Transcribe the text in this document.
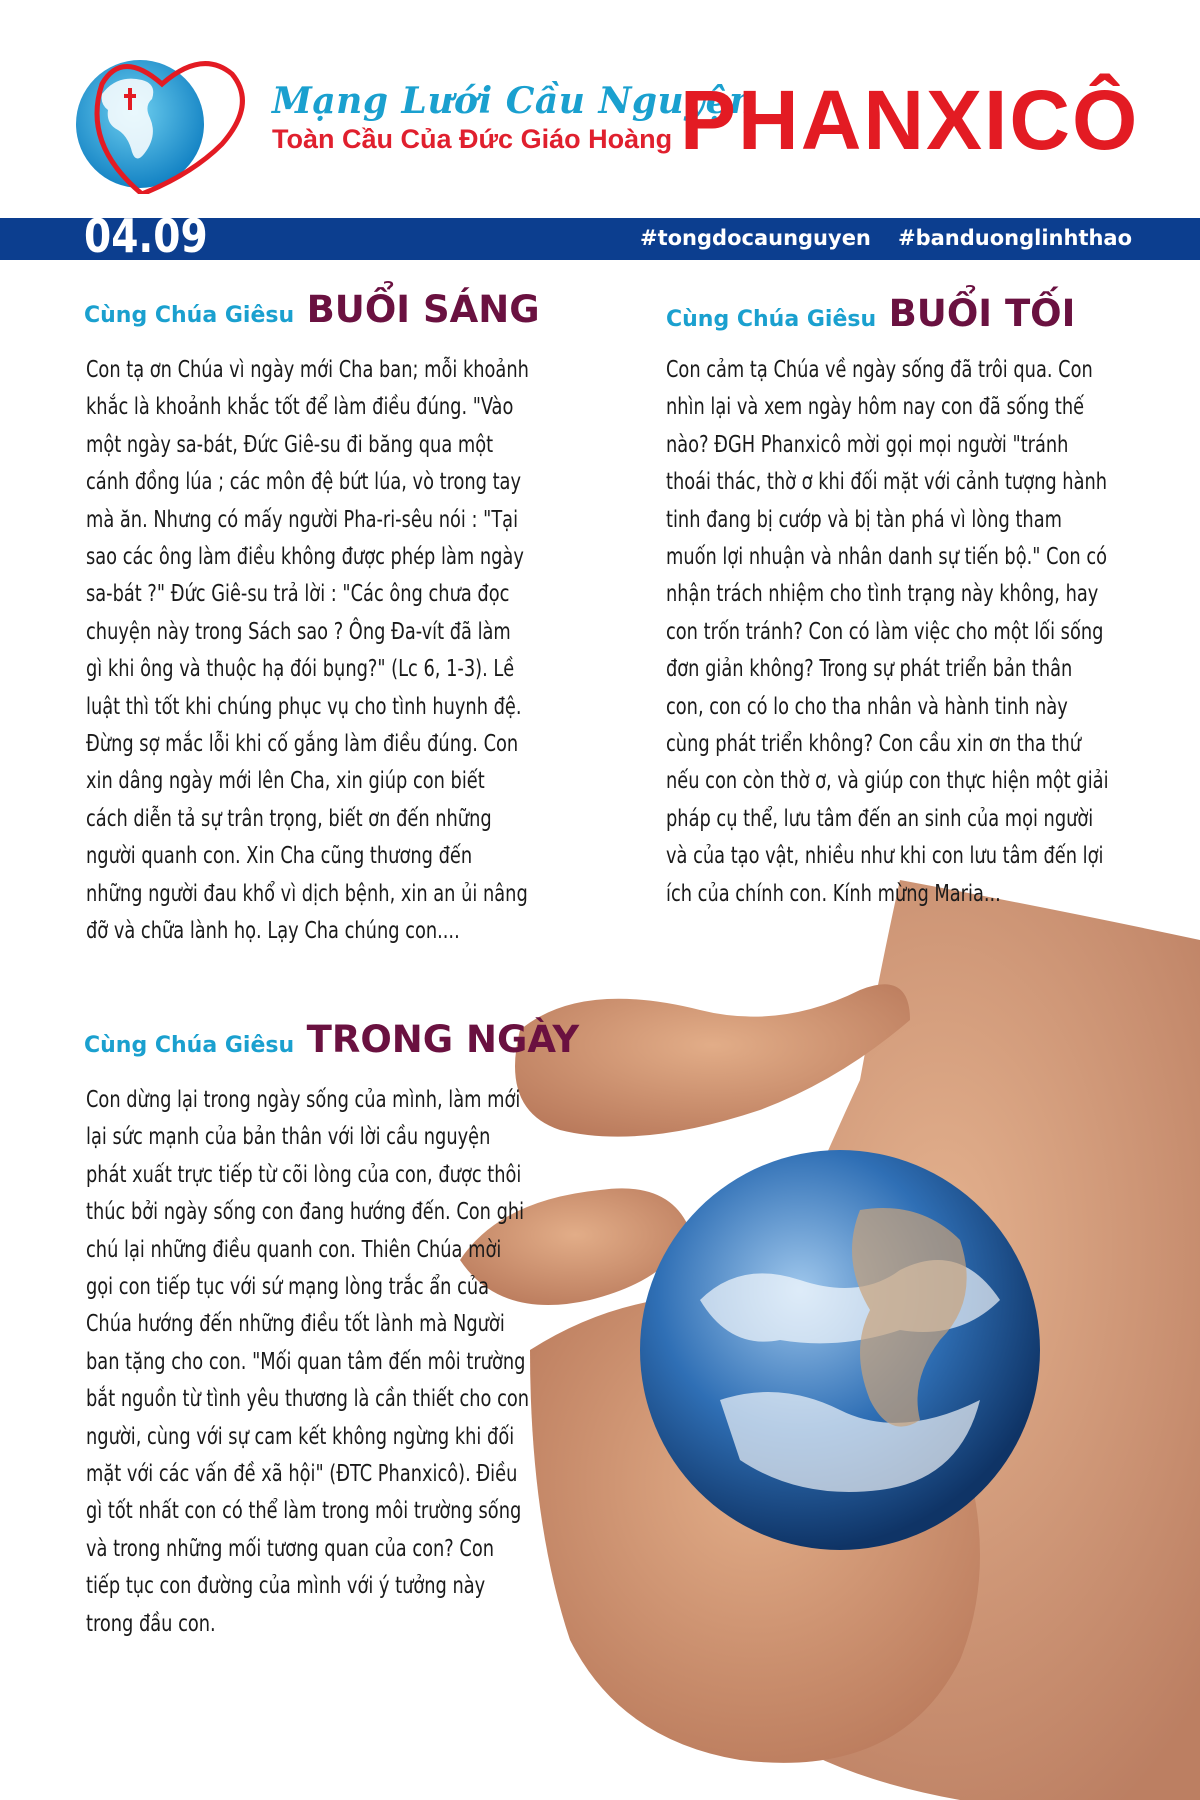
Mạng Lưới Cầu Nguyện
Toàn Cầu Của Đức Giáo Hoàng PHANXICÔ
04.09	#tongdocaunguyen #banduonglinhthao
Cùng Chúa Giêsu BUỔI SÁNG
Con tạ ơn Chúa vì ngày mới Cha ban; mỗi khoảnh khắc là khoảnh khắc tốt để làm điều đúng. "Vào một ngày sa-bát, Đức Giê-su đi băng qua một cánh đồng lúa ; các môn đệ bứt lúa, vò trong tay mà ăn. Nhưng có mấy người Pha-ri-sêu nói : "Tại sao các ông làm điều không được phép làm ngày sa-bát ?" Đức Giê-su trả lời : "Các ông chưa đọc chuyện này trong Sách sao ? Ông Đa-vít đã làm gì khi ông và thuộc hạ đói bụng?" (Lc 6, 1-3). Lề luật thì tốt khi chúng phục vụ cho tình huynh đệ. Đừng sợ mắc lỗi khi cố gắng làm điều đúng. Con xin dâng ngày mới lên Cha, xin giúp con biết cách diễn tả sự trân trọng, biết ơn đến những người quanh con. Xin Cha cũng thương đến những người đau khổ vì dịch bệnh, xin an ủi nâng đỡ và chữa lành họ. Lạy Cha chúng con....
Cùng Chúa Giêsu BUỔI TỐI
Con cảm tạ Chúa về ngày sống đã trôi qua. Con nhìn lại và xem ngày hôm nay con đã sống thế nào? ĐGH Phanxicô mời gọi mọi người "tránh thoái thác, thờ ơ khi đối mặt với cảnh tượng hành tinh đang bị cướp và bị tàn phá vì lòng tham muốn lợi nhuận và nhân danh sự tiến bộ." Con có nhận trách nhiệm cho tình trạng này không, hay con trốn tránh? Con có làm việc cho một lối sống đơn giản không? Trong sự phát triển bản thân con, con có lo cho tha nhân và hành tinh này cùng phát triển không? Con cầu xin ơn tha thứ nếu con còn thờ ơ, và giúp con thực hiện một giải pháp cụ thể, lưu tâm đến an sinh của mọi người và của tạo vật, nhiều như khi con lưu tâm đến lợi ích của chính con. Kính mừng Maria...
Cùng Chúa Giêsu TRONG NGÀY
Con dừng lại trong ngày sống của mình, làm mới lại sức mạnh của bản thân với lời cầu nguyện phát xuất trực tiếp từ cõi lòng của con, được thôi thúc bởi ngày sống con đang hướng đến. Con ghi chú lại những điều quanh con. Thiên Chúa mời gọi con tiếp tục với sứ mạng lòng trắc ẩn của Chúa hướng đến những điều tốt lành mà Người ban tặng cho con. "Mối quan tâm đến môi trường bắt nguồn từ tình yêu thương là cần thiết cho con người, cùng với sự cam kết không ngừng khi đối mặt với các vấn đề xã hội" (ĐTC Phanxicô). Điều gì tốt nhất con có thể làm trong môi trường sống và trong những mối tương quan của con? Con tiếp tục con đường của mình với ý tưởng này trong đầu con.
